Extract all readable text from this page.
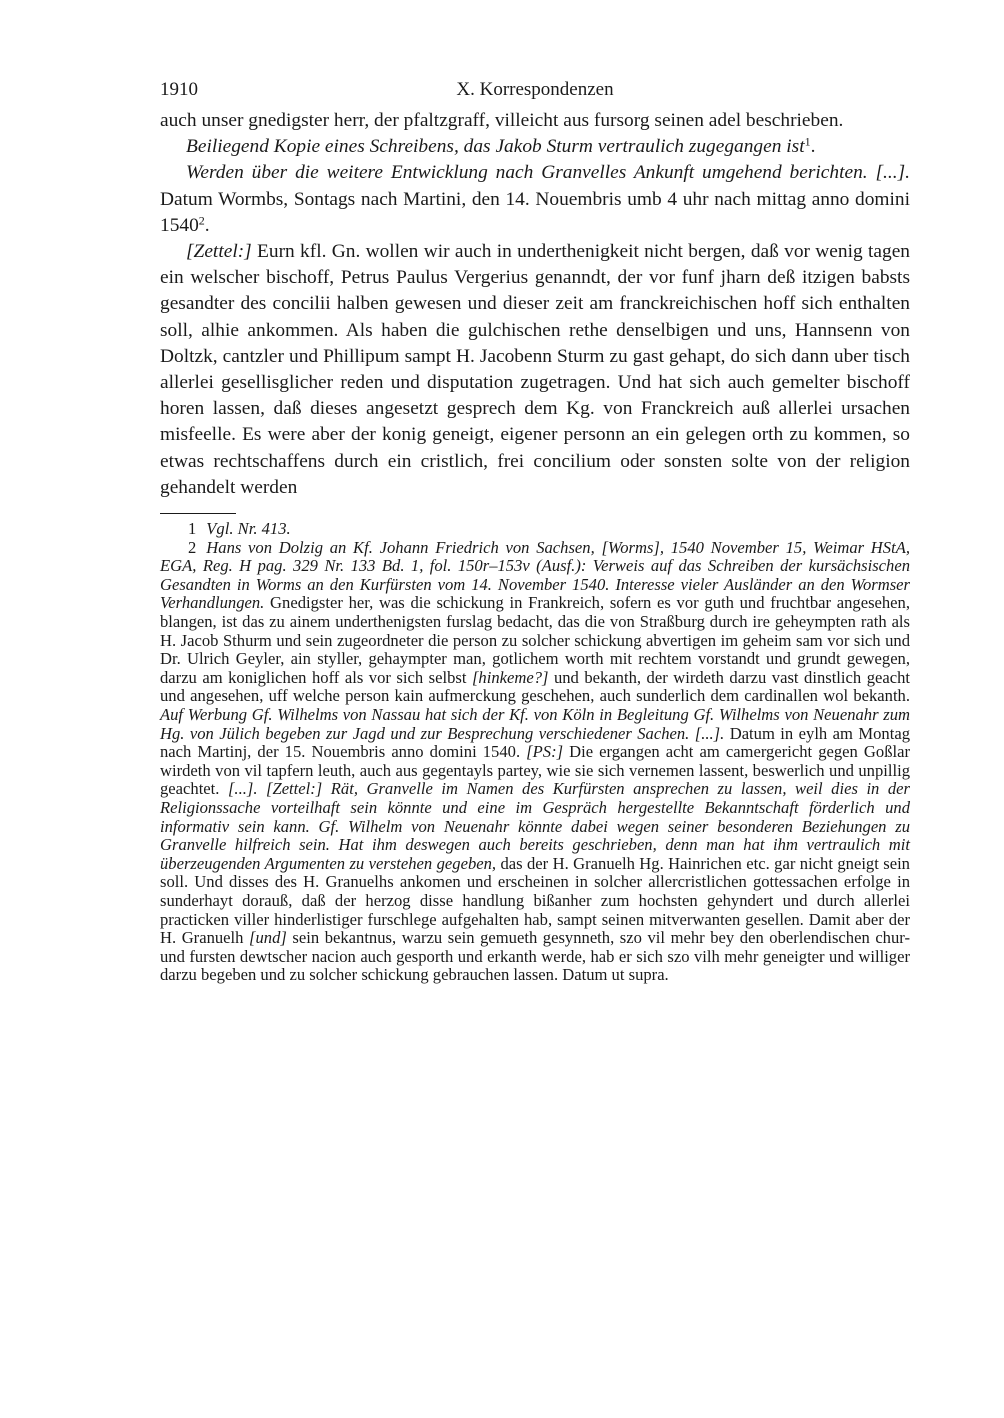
1910	X. Korrespondenzen

auch unser gnedigster herr, der pfaltzgraff, villeicht aus fursorg seinen adel beschrieben.

Beiliegend Kopie eines Schreibens, das Jakob Sturm vertraulich zugegangen ist$^1$.

Werden über die weitere Entwicklung nach Granvelles Ankunft umgehend berichten. [...]. Datum Wormbs, Sontags nach Martini, den 14. Nouembris umb 4 uhr nach mittag anno domini 1540$^2$.

[Zettel:] Eurn kfl. Gn. wollen wir auch in underthenigkeit nicht bergen, daß vor wenig tagen ein welscher bischoff, Petrus Paulus Vergerius genanndt, der vor funf jharn deß itzigen babsts gesandter des concilii halben gewesen und dieser zeit am franckreichischen hoff sich enthalten soll, alhie ankommen. Als haben die gulchischen rethe denselbigen und uns, Hannsenn von Doltzk, cantzler und Phillipum sampt H. Jacobenn Sturm zu gast gehapt, do sich dann uber tisch allerlei gesellisglicher reden und disputation zugetragen. Und hat sich auch gemelter bischoff horen lassen, daß dieses angesetzt gesprech dem Kg. von Franckreich auß allerlei ursachen misfeelle. Es were aber der konig geneigt, eigener personn an ein gelegen orth zu kommen, so etwas rechtschaffens durch ein cristlich, frei concilium oder sonsten solte von der religion gehandelt werden

1 Vgl. Nr. 413.

2 Hans von Dolzig an Kf. Johann Friedrich von Sachsen, [Worms], 1540 November 15, Weimar HStA, EGA, Reg. H pag. 329 Nr. 133 Bd. 1, fol. 150r–153v (Ausf.): Verweis auf das Schreiben der kursächsischen Gesandten in Worms an den Kurfürsten vom 14. November 1540. Interesse vieler Ausländer an den Wormser Verhandlungen. Gnedigster her, was die schickung in Frankreich, sofern es vor guth und fruchtbar angesehen, blangen, ist das zu ainem underthenigsten furslag bedacht, das die von Straßburg durch ire geheympten rath als H. Jacob Sthurm und sein zugeordneter die person zu solcher schickung abvertigen im geheim sam vor sich und Dr. Ulrich Geyler, ain styller, gehaympter man, gotlichem worth mit rechtem vorstandt und grundt gewegen, darzu am koniglichen hoff als vor sich selbst [hinkeme?] und bekanth, der wirdeth darzu vast dinstlich geacht und angesehen, uff welche person kain aufmerckung geschehen, auch sunderlich dem cardinallen wol bekanth. Auf Werbung Gf. Wilhelms von Nassau hat sich der Kf. von Köln in Begleitung Gf. Wilhelms von Neuenahr zum Hg. von Jülich begeben zur Jagd und zur Besprechung verschiedener Sachen. [...]. Datum in eylh am Montag nach Martinj, der 15. Nouembris anno domini 1540. [PS:] Die ergangen acht am camergericht gegen Goßlar wirdeth von vil tapfern leuth, auch aus gegentayls partey, wie sie sich vernemen lassent, beswerlich und unpillig geachtet. [...]. [Zettel:] Rät, Granvelle im Namen des Kurfürsten ansprechen zu lassen, weil dies in der Religionssache vorteilhaft sein könnte und eine im Gespräch hergestellte Bekanntschaft förderlich und informativ sein kann. Gf. Wilhelm von Neuenahr könnte dabei wegen seiner besonderen Beziehungen zu Granvelle hilfreich sein. Hat ihm deswegen auch bereits geschrieben, denn man hat ihm vertraulich mit überzeugenden Argumenten zu verstehen gegeben, das der H. Granuelh Hg. Hainrichen etc. gar nicht gneigt sein soll. Und disses des H. Granuelhs ankomen und erscheinen in solcher allercristlichen gottessachen erfolge in sunderhayt dorauß, daß der herzog disse handlung bißanher zum hochsten gehyndert und durch allerlei practicken viller hinderlistiger furschlege aufgehalten hab, sampt seinen mitverwanten gesellen. Damit aber der H. Granuelh [und] sein bekantnus, warzu sein gemueth gesynneth, szo vil mehr bey den oberlendischen chur- und fursten dewtscher nacion auch gesporth und erkanth werde, hab er sich szo vilh mehr geneigter und williger darzu begeben und zu solcher schickung gebrauchen lassen. Datum ut supra.
